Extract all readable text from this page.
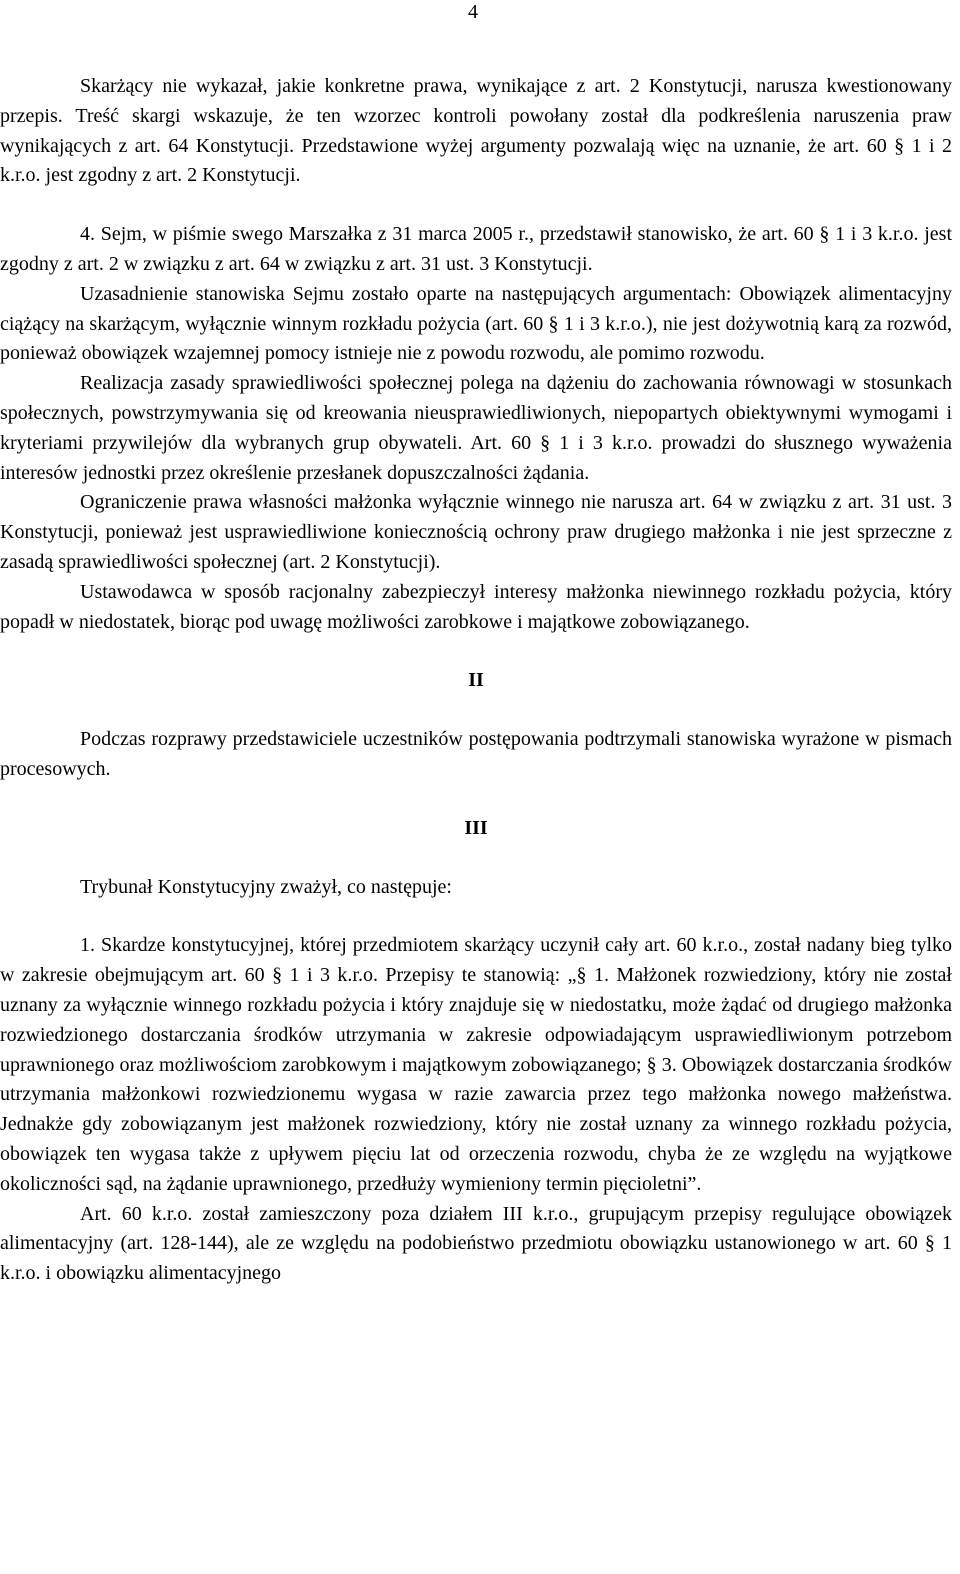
4

Skarżący nie wykazał, jakie konkretne prawa, wynikające z art. 2 Konstytucji, narusza kwestionowany przepis. Treść skargi wskazuje, że ten wzorzec kontroli powołany został dla podkreślenia naruszenia praw wynikających z art. 64 Konstytucji. Przedstawione wyżej argumenty pozwalają więc na uznanie, że art. 60 § 1 i 2 k.r.o. jest zgodny z art. 2 Konstytucji.

4. Sejm, w piśmie swego Marszałka z 31 marca 2005 r., przedstawił stanowisko, że art. 60 § 1 i 3 k.r.o. jest zgodny z art. 2 w związku z art. 64 w związku z art. 31 ust. 3 Konstytucji.

Uzasadnienie stanowiska Sejmu zostało oparte na następujących argumentach: Obowiązek alimentacyjny ciążący na skarżącym, wyłącznie winnym rozkładu pożycia (art. 60 § 1 i 3 k.r.o.), nie jest dożywotnią karą za rozwód, ponieważ obowiązek wzajemnej pomocy istnieje nie z powodu rozwodu, ale pomimo rozwodu.

Realizacja zasady sprawiedliwości społecznej polega na dążeniu do zachowania równowagi w stosunkach społecznych, powstrzymywania się od kreowania nieusprawiedliwionych, niepopartych obiektywnymi wymogami i kryteriami przywilejów dla wybranych grup obywateli. Art. 60 § 1 i 3 k.r.o. prowadzi do słusznego wyważenia interesów jednostki przez określenie przesłanek dopuszczalności żądania.

Ograniczenie prawa własności małżonka wyłącznie winnego nie narusza art. 64 w związku z art. 31 ust. 3 Konstytucji, ponieważ jest usprawiedliwione koniecznością ochrony praw drugiego małżonka i nie jest sprzeczne z zasadą sprawiedliwości społecznej (art. 2 Konstytucji).

Ustawodawca w sposób racjonalny zabezpieczył interesy małżonka niewinnego rozkładu pożycia, który popadł w niedostatek, biorąc pod uwagę możliwości zarobkowe i majątkowe zobowiązanego.

II

Podczas rozprawy przedstawiciele uczestników postępowania podtrzymali stanowiska wyrażone w pismach procesowych.

III

Trybunał Konstytucyjny zważył, co następuje:

1. Skardze konstytucyjnej, której przedmiotem skarżący uczynił cały art. 60 k.r.o., został nadany bieg tylko w zakresie obejmującym art. 60 § 1 i 3 k.r.o. Przepisy te stanowią: „§ 1. Małżonek rozwiedziony, który nie został uznany za wyłącznie winnego rozkładu pożycia i który znajduje się w niedostatku, może żądać od drugiego małżonka rozwiedzionego dostarczania środków utrzymania w zakresie odpowiadającym usprawiedliwionym potrzebom uprawnionego oraz możliwościom zarobkowym i majątkowym zobowiązanego; § 3. Obowiązek dostarczania środków utrzymania małżonkowi rozwiedzionemu wygasa w razie zawarcia przez tego małżonka nowego małżeństwa. Jednakże gdy zobowiązanym jest małżonek rozwiedziony, który nie został uznany za winnego rozkładu pożycia, obowiązek ten wygasa także z upływem pięciu lat od orzeczenia rozwodu, chyba że ze względu na wyjątkowe okoliczności sąd, na żądanie uprawnionego, przedłuży wymieniony termin pięcioletni”.

Art. 60 k.r.o. został zamieszczony poza działem III k.r.o., grupującym przepisy regulujące obowiązek alimentacyjny (art. 128-144), ale ze względu na podobieństwo przedmiotu obowiązku ustanowionego w art. 60 § 1 k.r.o. i obowiązku alimentacyjnego
